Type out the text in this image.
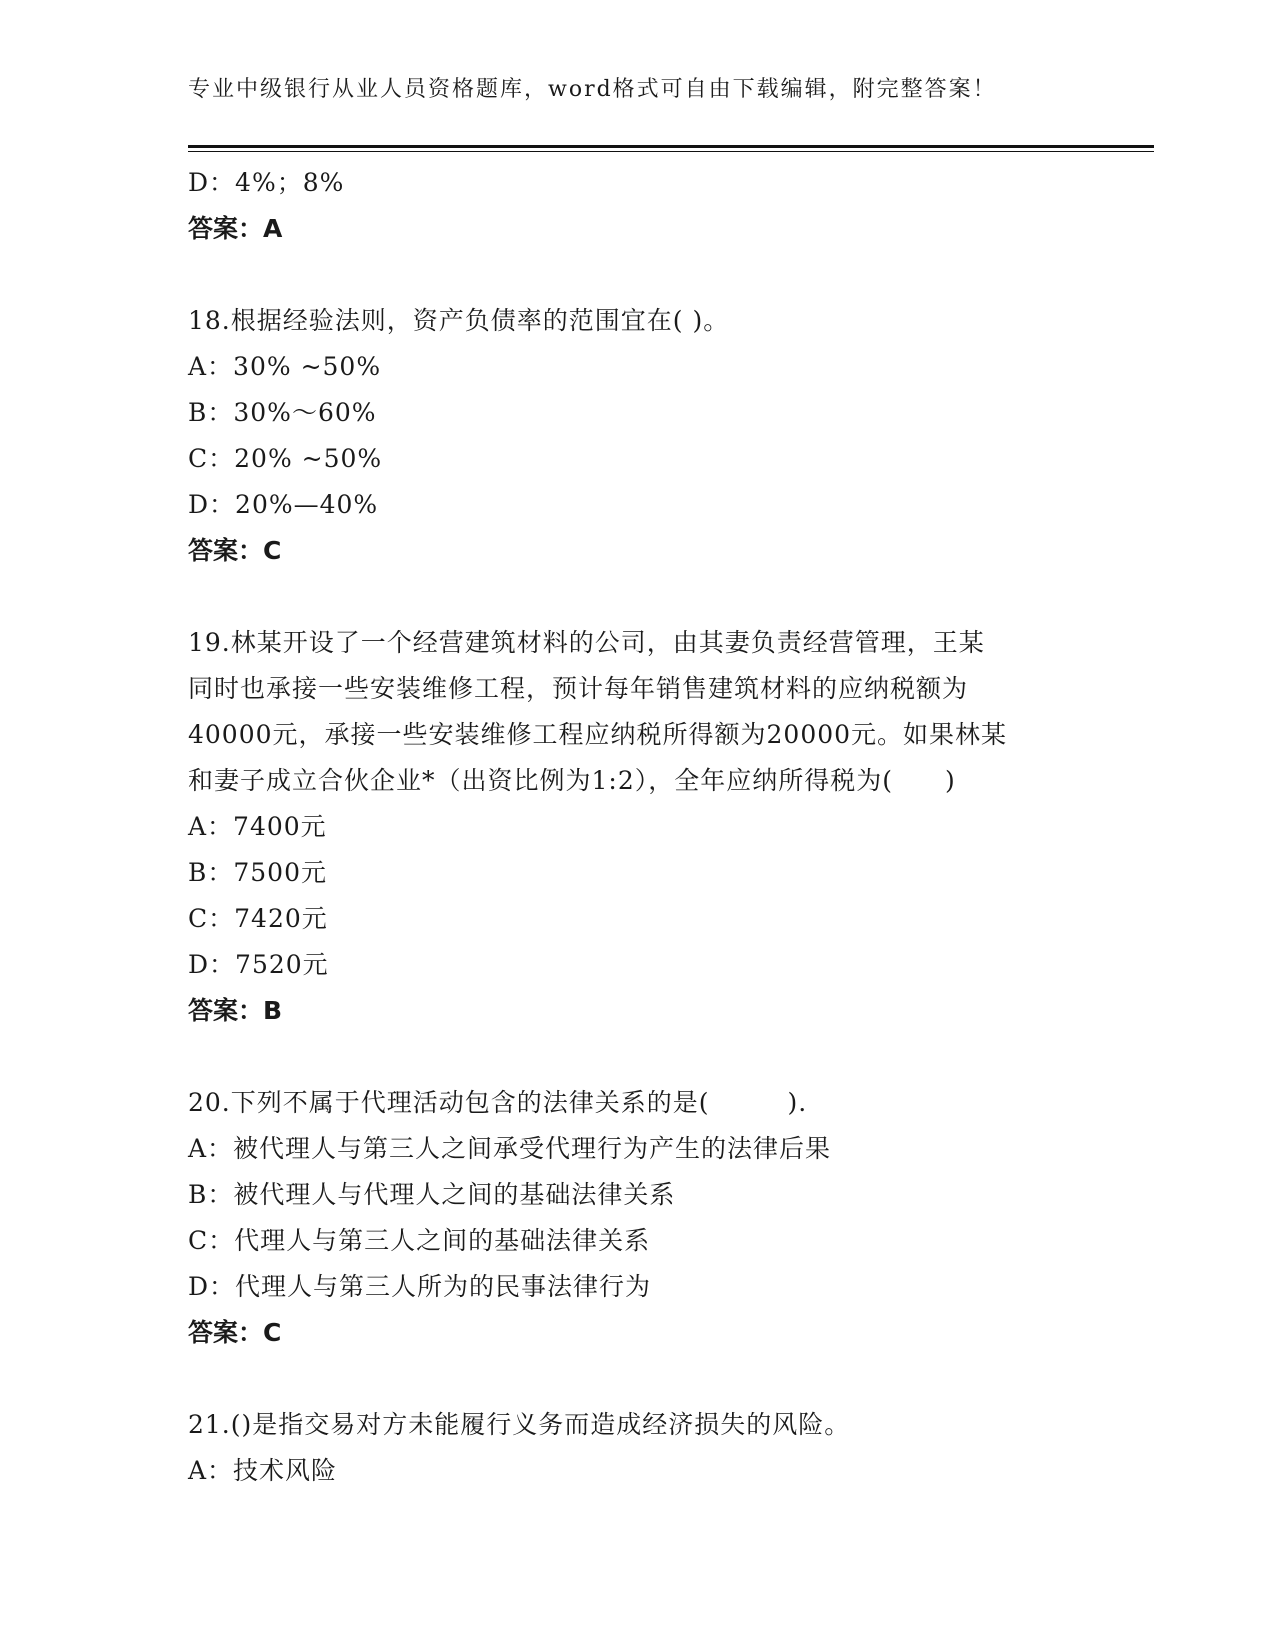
专业中级银行从业人员资格题库，word格式可自由下载编辑，附完整答案！
D：4%；8%
答案：A
18.根据经验法则，资产负债率的范围宜在( )。
A：30% ~50%
B：30%～60%
C：20% ~50%
D：20%—40%
答案：C
19.林某开设了一个经营建筑材料的公司，由其妻负责经营管理，王某
同时也承接一些安装维修工程，预计每年销售建筑材料的应纳税额为
40000元，承接一些安装维修工程应纳税所得额为20000元。如果林某
和妻子成立合伙企业*（出资比例为1:2），全年应纳所得税为(　　)
A：7400元
B：7500元
C：7420元
D：7520元
答案：B
20.下列不属于代理活动包含的法律关系的是(　　　).
A：被代理人与第三人之间承受代理行为产生的法律后果
B：被代理人与代理人之间的基础法律关系
C：代理人与第三人之间的基础法律关系
D：代理人与第三人所为的民事法律行为
答案：C
21.()是指交易对方未能履行义务而造成经济损失的风险。
A：技术风险
